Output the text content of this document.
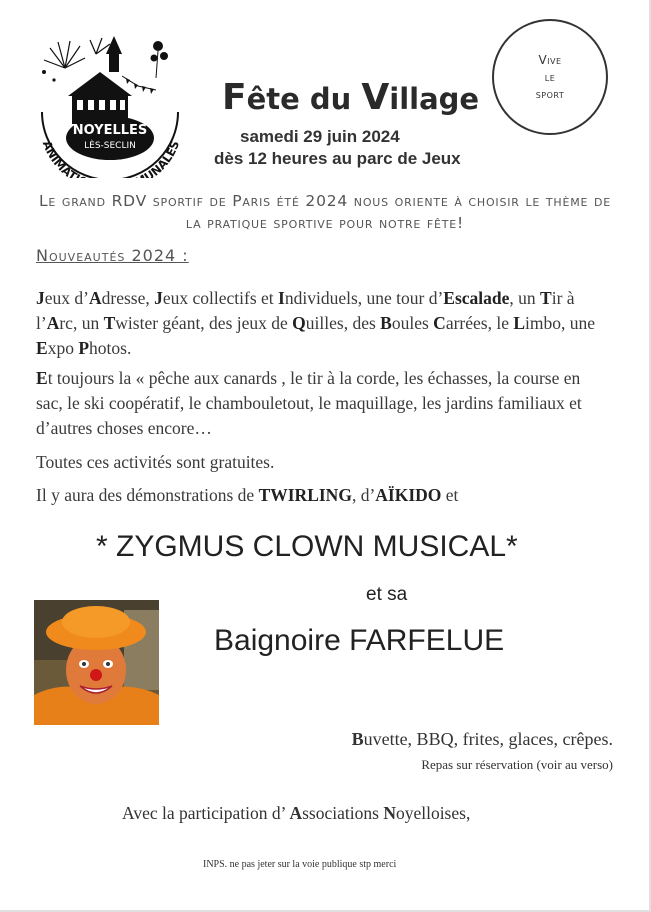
NOYELLES
LÈS-SECLIN
ANIMAT UNALES
Vive
le
sport
Fête du Village

samedi 29 juin 2024

dès 12 heures au parc de Jeux

Le grand RDV sportif de Paris été 2024 nous oriente à choisir le thème de la pratique sportive pour notre fête!

Nouveautés 2024 :

Jeux d’Adresse, Jeux collectifs et Individuels, une tour d’Escalade, un Tir à l’Arc, un Twister géant, des jeux de Quilles, des Boules Carrées, le Limbo, une Expo Photos.

Et toujours la « pêche aux canards , le tir à la corde, les échasses, la course en sac, le ski coopératif, le chambouletout, le maquillage, les jardins familiaux et d’autres choses encore…

Toutes ces activités sont gratuites.

Il y aura des démonstrations de TWIRLING, d’AÏKIDO et

* ZYGMUS CLOWN MUSICAL*

et sa

Baignoire FARFELUE

Buvette, BBQ, frites, glaces, crêpes.

Repas sur réservation (voir au verso)

Avec la participation d’ Associations Noyelloises,

INPS. ne pas jeter sur la voie publique stp merci
